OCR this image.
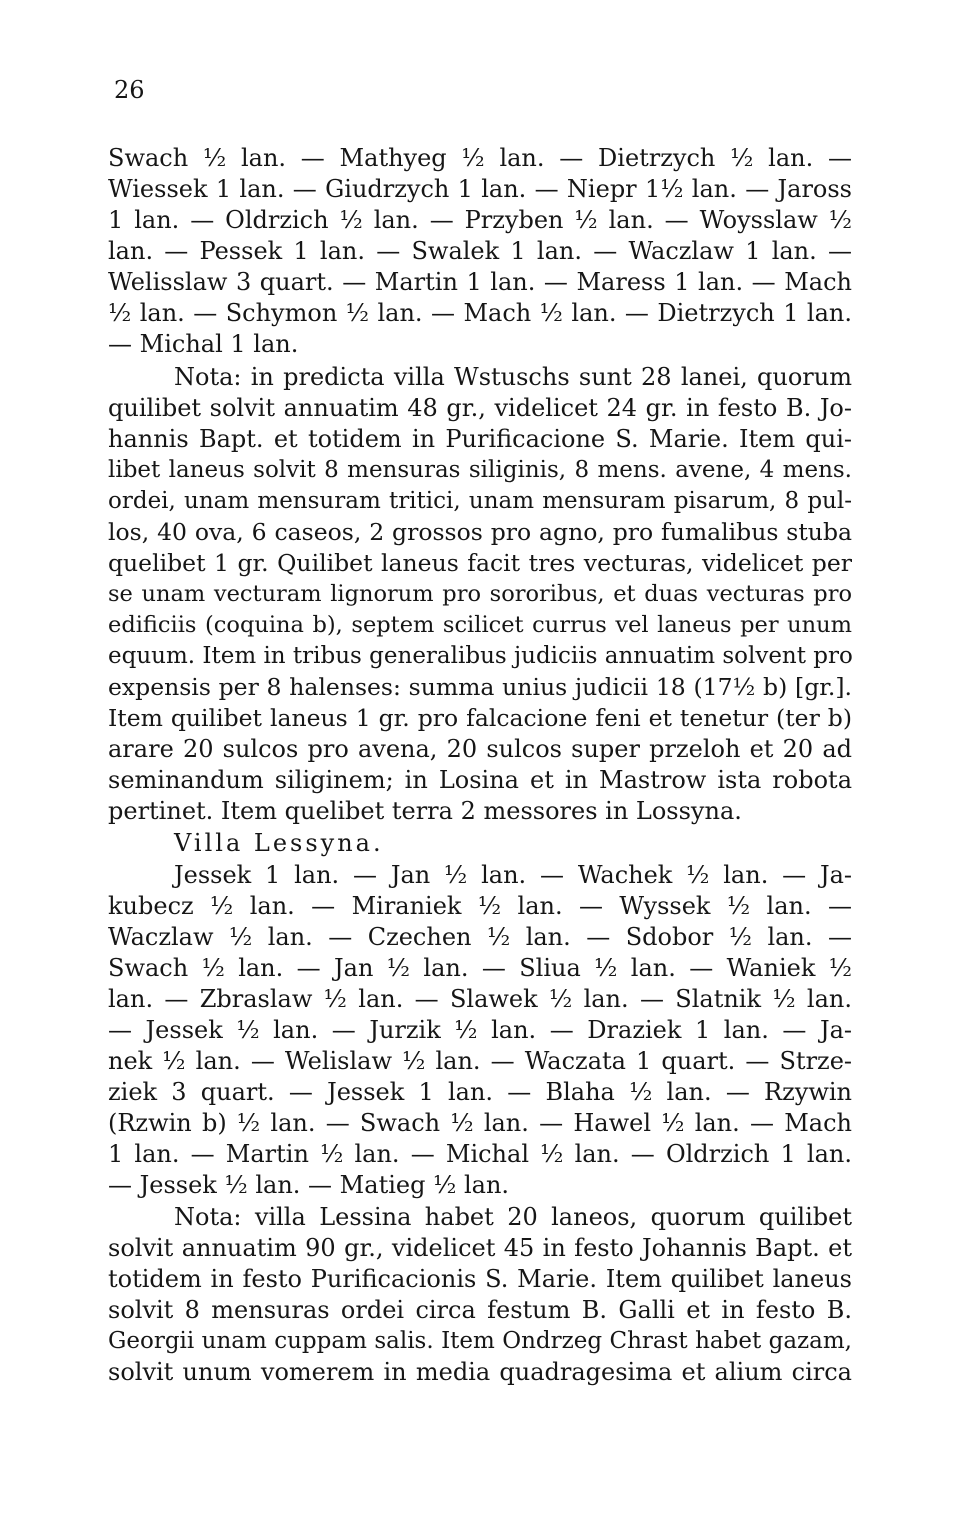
26
Swach ½ lan. — Mathyeg ½ lan. — Dietrzych ½ lan. —
Wiessek 1 lan. — Giudrzych 1 lan. — Niepr 1½ lan. — Jaross
1 lan. — Oldrzich ½ lan. — Przyben ½ lan. — Woysslaw ½
lan. — Pessek 1 lan. — Swalek 1 lan. — Waczlaw 1 lan. —
Welisslaw 3 quart. — Martin 1 lan. — Maress 1 lan. — Mach
½ lan. — Schymon ½ lan. — Mach ½ lan. — Dietrzych 1 lan.
— Michal 1 lan.
Nota: in predicta villa Wstuschs sunt 28 lanei, quorum
quilibet solvit annuatim 48 gr., videlicet 24 gr. in festo B. Jo-
hannis Bapt. et totidem in Purificacione S. Marie. Item qui-
libet laneus solvit 8 mensuras siliginis, 8 mens. avene, 4 mens.
ordei, unam mensuram tritici, unam mensuram pisarum, 8 pul-
los, 40 ova, 6 caseos, 2 grossos pro agno, pro fumalibus stuba
quelibet 1 gr. Quilibet laneus facit tres vecturas, videlicet per
se unam vecturam lignorum pro sororibus, et duas vecturas pro
edificiis (coquina b), septem scilicet currus vel laneus per unum
equum. Item in tribus generalibus judiciis annuatim solvent pro
expensis per 8 halenses: summa unius judicii 18 (17½ b) [gr.].
Item quilibet laneus 1 gr. pro falcacione feni et tenetur (ter b)
arare 20 sulcos pro avena, 20 sulcos super przeloh et 20 ad
seminandum siliginem; in Losina et in Mastrow ista robota
pertinet. Item quelibet terra 2 messores in Lossyna.
Villa Lessyna.
Jessek 1 lan. — Jan ½ lan. — Wachek ½ lan. — Ja-
kubecz ½ lan. — Miraniek ½ lan. — Wyssek ½ lan. —
Waczlaw ½ lan. — Czechen ½ lan. — Sdobor ½ lan. —
Swach ½ lan. — Jan ½ lan. — Sliua ½ lan. — Waniek ½
lan. — Zbraslaw ½ lan. — Slawek ½ lan. — Slatnik ½ lan.
— Jessek ½ lan. — Jurzik ½ lan. — Draziek 1 lan. — Ja-
nek ½ lan. — Welislaw ½ lan. — Waczata 1 quart. — Strze-
ziek 3 quart. — Jessek 1 lan. — Blaha ½ lan. — Rzywin
(Rzwin b) ½ lan. — Swach ½ lan. — Hawel ½ lan. — Mach
1 lan. — Martin ½ lan. — Michal ½ lan. — Oldrzich 1 lan.
— Jessek ½ lan. — Matieg ½ lan.
Nota: villa Lessina habet 20 laneos, quorum quilibet
solvit annuatim 90 gr., videlicet 45 in festo Johannis Bapt. et
totidem in festo Purificacionis S. Marie. Item quilibet laneus
solvit 8 mensuras ordei circa festum B. Galli et in festo B.
Georgii unam cuppam salis. Item Ondrzeg Chrast habet gazam,
solvit unum vomerem in media quadragesima et alium circa
